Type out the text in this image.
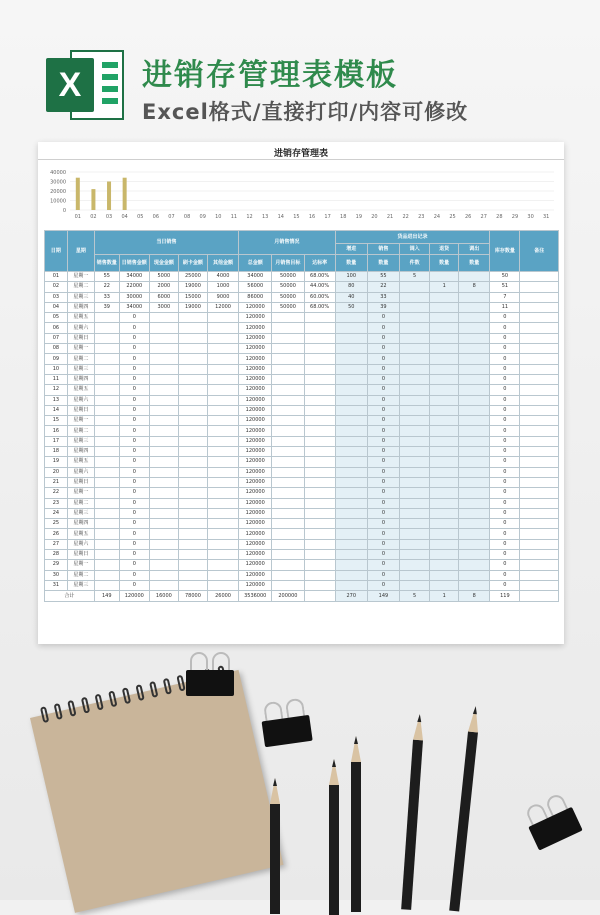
X	进销存管理表模板
Excel格式/直接打印/内容可修改
进销存管理表
40000
30000
20000
10000
0
01 02 03 04 05 06 07 08 09 10 11 12 13 14 15 16 17 18 19 20 21 22 23 24 25 26 27 28 29 30 31
日期	星期	当日销售					月销售情况			货品进出记录					库存数量	备注
										增进	销售	调入	退货	调出		
		销售数量	日销售金额	现金金额	刷卡金额	其他金额	总金额	月销售目标	达标率	数量	数量	件数	数量	数量		
01	星期一	55	34000	5000	25000	4000	34000	50000	68.00%	100	55	5			50	
02	星期二	22	22000	2000	19000	1000	56000	50000	44.00%	80	22		1	8	51	
03	星期三	33	30000	6000	15000	9000	86000	50000	60.00%	40	33				7	
04	星期四	39	34000	3000	19000	12000	120000	50000	68.00%	50	39				11	
05	星期五		0				120000				0				0	
06	星期六		0				120000				0				0	
07	星期日		0				120000				0				0	
08	星期一		0				120000				0				0	
09	星期二		0				120000				0				0	
10	星期三		0				120000				0				0	
11	星期四		0				120000				0				0	
12	星期五		0				120000				0				0	
13	星期六		0				120000				0				0	
14	星期日		0				120000				0				0	
15	星期一		0				120000				0				0	
16	星期二		0				120000				0				0	
17	星期三		0				120000				0				0	
18	星期四		0				120000				0				0	
19	星期五		0				120000				0				0	
20	星期六		0				120000				0				0	
21	星期日		0				120000				0				0	
22	星期一		0				120000				0				0	
23	星期二		0				120000				0				0	
24	星期三		0				120000				0				0	
25	星期四		0				120000				0				0	
26	星期五		0				120000				0				0	
27	星期六		0				120000				0				0	
28	星期日		0				120000				0				0	
29	星期一		0				120000				0				0	
30	星期二		0				120000				0				0	
31	星期三		0				120000				0				0	
合计		149	120000	16000	78000	26000	3536000	200000		270	149	5	1	8	119	
